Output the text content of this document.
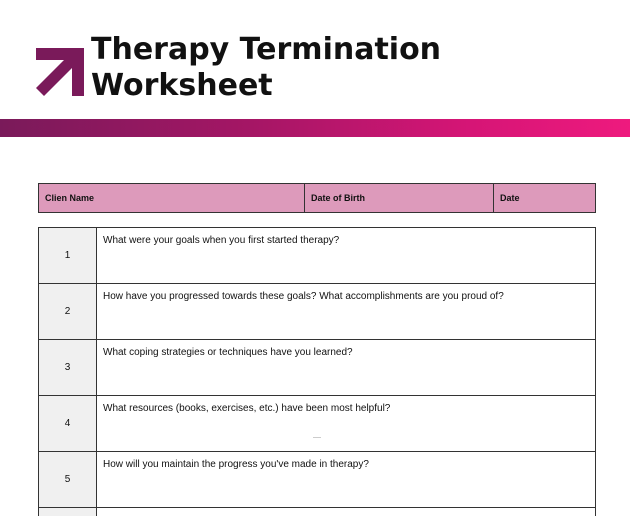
Therapy Termination
Worksheet
Clien Name	Date of Birth	Date
1
What were your goals when you first started therapy?
2
How have you progressed towards these goals? What accomplishments are you proud of?
3
What coping strategies or techniques have you learned?
4
What resources (books, exercises, etc.) have been most helpful?
5
How will you maintain the progress you've made in therapy?
